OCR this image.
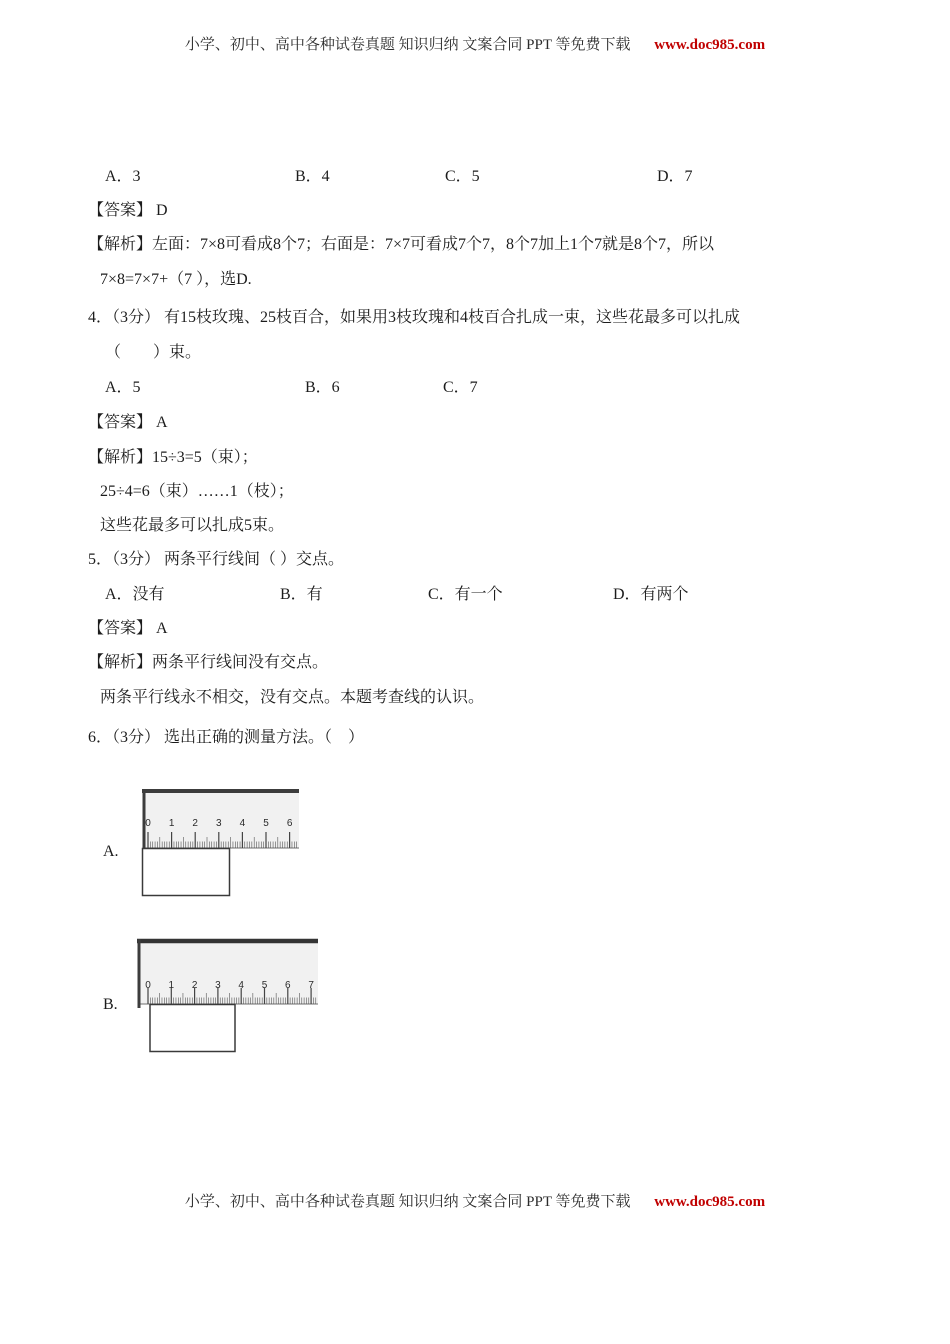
小学、初中、高中各种试卷真题 知识归纳 文案合同 PPT 等免费下载 www.doc985.com
A．3	B．4	C．5	D．7
【答案】 D
【解析】左面：7×8可看成8个7；右面是：7×7可看成7个7，8个7加上1个7就是8个7，所以
7×8=7×7+（7 ），选D.
4．（3分） 有15枝玫瑰、25枝百合，如果用3枝玫瑰和4枝百合扎成一束，这些花最多可以扎成
（　　）束。
A．5	B．6	C．7
【答案】 A
【解析】15÷3=5（束）；
25÷4=6（束）……1（枝）；
这些花最多可以扎成5束。
5．（3分） 两条平行线间（ ）交点。
A．没有	B．有	C．有一个	D．有两个
【答案】 A
【解析】两条平行线间没有交点。
两条平行线永不相交，没有交点。本题考查线的认识。
6．（3分） 选出正确的测量方法。（　）
A.
0 1 2 3 4 5 6
B.
0 1 2 3 4 5 6 7
小学、初中、高中各种试卷真题 知识归纳 文案合同 PPT 等免费下载 www.doc985.com
